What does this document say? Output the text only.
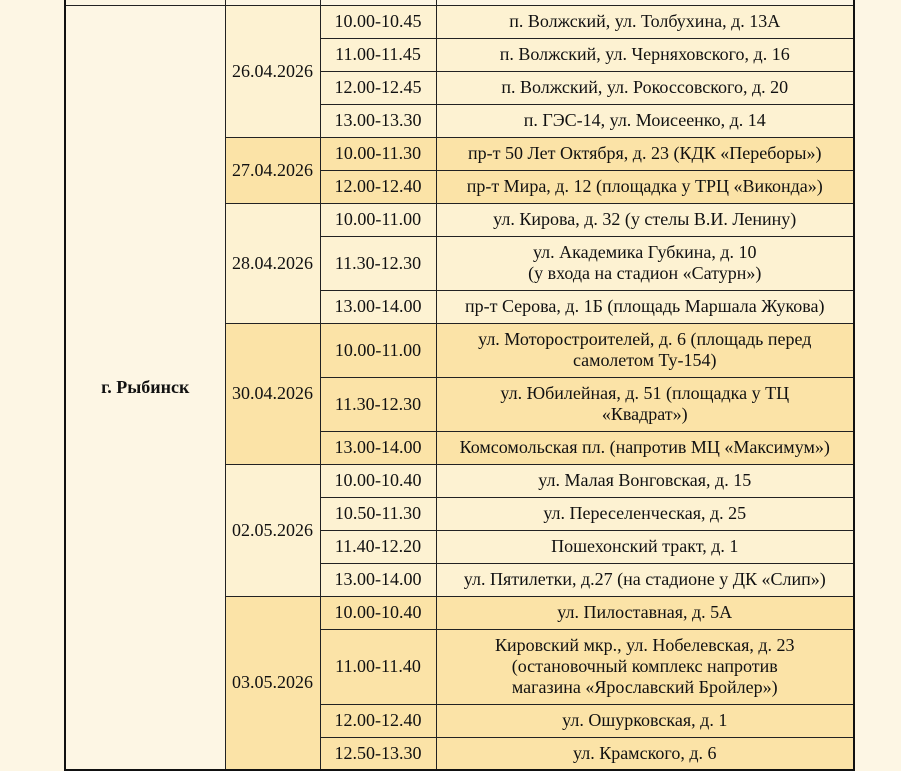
г. Рыбинск	26.04.2026	10.00-10.45	п. Волжский, ул. Толбухина, д. 13А

		11.00-11.45	п. Волжский, ул. Черняховского, д. 16

		12.00-12.45	п. Волжский, ул. Рокоссовского, д. 20

		13.00-13.30	п. ГЭС-14, ул. Моисеенко, д. 14

	27.04.2026	10.00-11.30	пр-т 50 Лет Октября, д. 23 (КДК «Переборы»)

		12.00-12.40	пр-т Мира, д. 12 (площадка у ТРЦ «Виконда»)

	28.04.2026	10.00-11.00	ул. Кирова, д. 32 (у стелы В.И. Ленину)

		11.30-12.30	ул. Академика Губкина, д. 10
(у входа на стадион «Сатурн»)

		13.00-14.00	пр-т Серова, д. 1Б (площадь Маршала Жукова)

	30.04.2026	10.00-11.00	ул. Моторостроителей, д. 6 (площадь перед
самолетом Ту-154)

		11.30-12.30	ул. Юбилейная, д. 51 (площадка у ТЦ
«Квадрат»)

		13.00-14.00	Комсомольская пл. (напротив МЦ «Максимум»)

	02.05.2026	10.00-10.40	ул. Малая Вонговская, д. 15

		10.50-11.30	ул. Переселенческая, д. 25

		11.40-12.20	Пошехонский тракт, д. 1

		13.00-14.00	ул. Пятилетки, д.27 (на стадионе у ДК «Слип»)

	03.05.2026	10.00-10.40	ул. Пилоставная, д. 5А

		11.00-11.40	Кировский мкр., ул. Нобелевская, д. 23
(остановочный комплекс напротив
магазина «Ярославский Бройлер»)

		12.00-12.40	ул. Ошурковская, д. 1

		12.50-13.30	ул. Крамского, д. 6
